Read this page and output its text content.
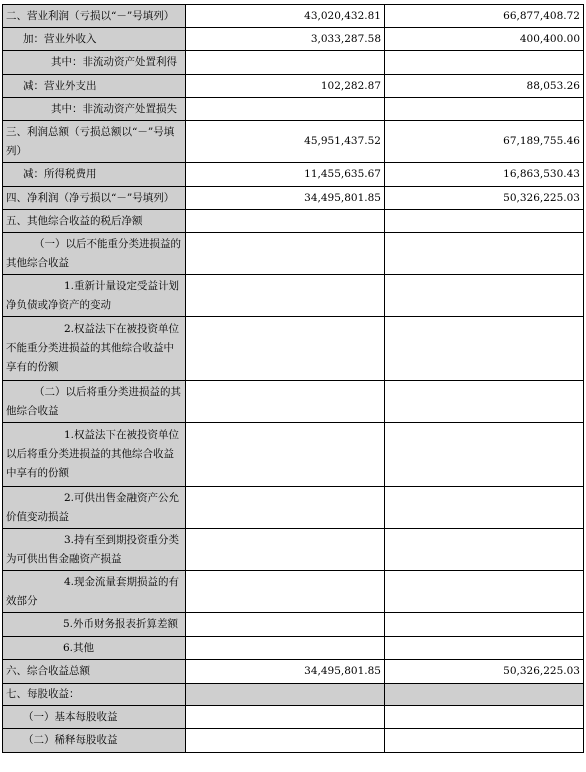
二、营业利润（亏损以“－”号填列）	43,020,432.81	66,877,408.72
加：营业外收入	3,033,287.58	400,400.00
其中：非流动资产处置利得		
减：营业外支出	102,282.87	88,053.26
其中：非流动资产处置损失		
三、利润总额（亏损总额以“－”号填列）	45,951,437.52	67,189,755.46
减：所得税费用	11,455,635.67	16,863,530.43
四、净利润（净亏损以“－”号填列）	34,495,801.85	50,326,225.03
五、其他综合收益的税后净额		
（一）以后不能重分类进损益的其他综合收益		
1.重新计量设定受益计划净负债或净资产的变动		
2.权益法下在被投资单位不能重分类进损益的其他综合收益中享有的份额		
（二）以后将重分类进损益的其他综合收益		
1.权益法下在被投资单位以后将重分类进损益的其他综合收益中享有的份额		
2.可供出售金融资产公允价值变动损益		
3.持有至到期投资重分类为可供出售金融资产损益		
4.现金流量套期损益的有效部分		
5.外币财务报表折算差额		
6.其他		
六、综合收益总额	34,495,801.85	50,326,225.03
七、每股收益：		
（一）基本每股收益		
（二）稀释每股收益		
